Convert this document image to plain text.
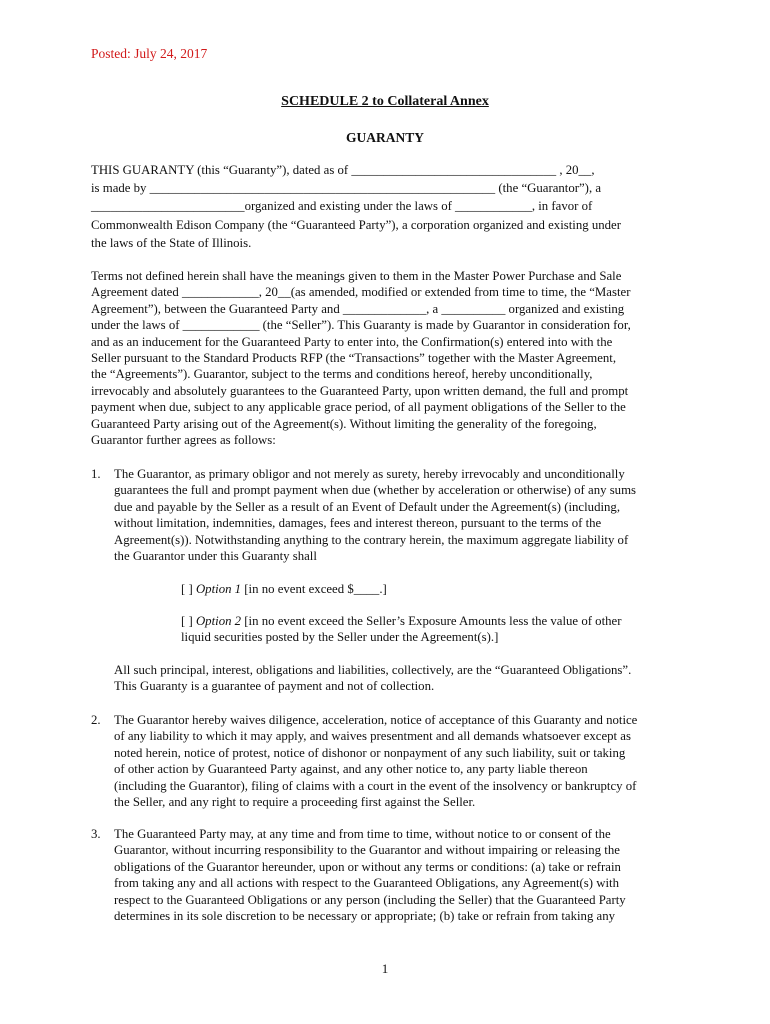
Posted: July 24, 2017
SCHEDULE 2 to Collateral Annex
GUARANTY
THIS GUARANTY (this “Guaranty”), dated as of ________________________________ , 20__,
is made by ______________________________________________________ (the “Guarantor”), a
________________________organized and existing under the laws of ____________, in favor of
Commonwealth Edison Company (the “Guaranteed Party”), a corporation organized and existing under
the laws of the State of Illinois.
Terms not defined herein shall have the meanings given to them in the Master Power Purchase and Sale
Agreement dated ____________, 20__(as amended, modified or extended from time to time, the “Master
Agreement”), between the Guaranteed Party and _____________, a __________ organized and existing
under the laws of ____________ (the “Seller”). This Guaranty is made by Guarantor in consideration for,
and as an inducement for the Guaranteed Party to enter into, the Confirmation(s) entered into with the
Seller pursuant to the Standard Products RFP (the “Transactions” together with the Master Agreement,
the “Agreements”). Guarantor, subject to the terms and conditions hereof, hereby unconditionally,
irrevocably and absolutely guarantees to the Guaranteed Party, upon written demand, the full and prompt
payment when due, subject to any applicable grace period, of all payment obligations of the Seller to the
Guaranteed Party arising out of the Agreement(s). Without limiting the generality of the foregoing,
Guarantor further agrees as follows:
1. The Guarantor, as primary obligor and not merely as surety, hereby irrevocably and unconditionally
guarantees the full and prompt payment when due (whether by acceleration or otherwise) of any sums
due and payable by the Seller as a result of an Event of Default under the Agreement(s) (including,
without limitation, indemnities, damages, fees and interest thereon, pursuant to the terms of the
Agreement(s)). Notwithstanding anything to the contrary herein, the maximum aggregate liability of
the Guarantor under this Guaranty shall
[ ] Option 1 [in no event exceed $____.]
[ ] Option 2 [in no event exceed the Seller’s Exposure Amounts less the value of other
liquid securities posted by the Seller under the Agreement(s).]
All such principal, interest, obligations and liabilities, collectively, are the “Guaranteed Obligations”.
This Guaranty is a guarantee of payment and not of collection.
2. The Guarantor hereby waives diligence, acceleration, notice of acceptance of this Guaranty and notice
of any liability to which it may apply, and waives presentment and all demands whatsoever except as
noted herein, notice of protest, notice of dishonor or nonpayment of any such liability, suit or taking
of other action by Guaranteed Party against, and any other notice to, any party liable thereon
(including the Guarantor), filing of claims with a court in the event of the insolvency or bankruptcy of
the Seller, and any right to require a proceeding first against the Seller.
3. The Guaranteed Party may, at any time and from time to time, without notice to or consent of the
Guarantor, without incurring responsibility to the Guarantor and without impairing or releasing the
obligations of the Guarantor hereunder, upon or without any terms or conditions: (a) take or refrain
from taking any and all actions with respect to the Guaranteed Obligations, any Agreement(s) with
respect to the Guaranteed Obligations or any person (including the Seller) that the Guaranteed Party
determines in its sole discretion to be necessary or appropriate; (b) take or refrain from taking any
1
